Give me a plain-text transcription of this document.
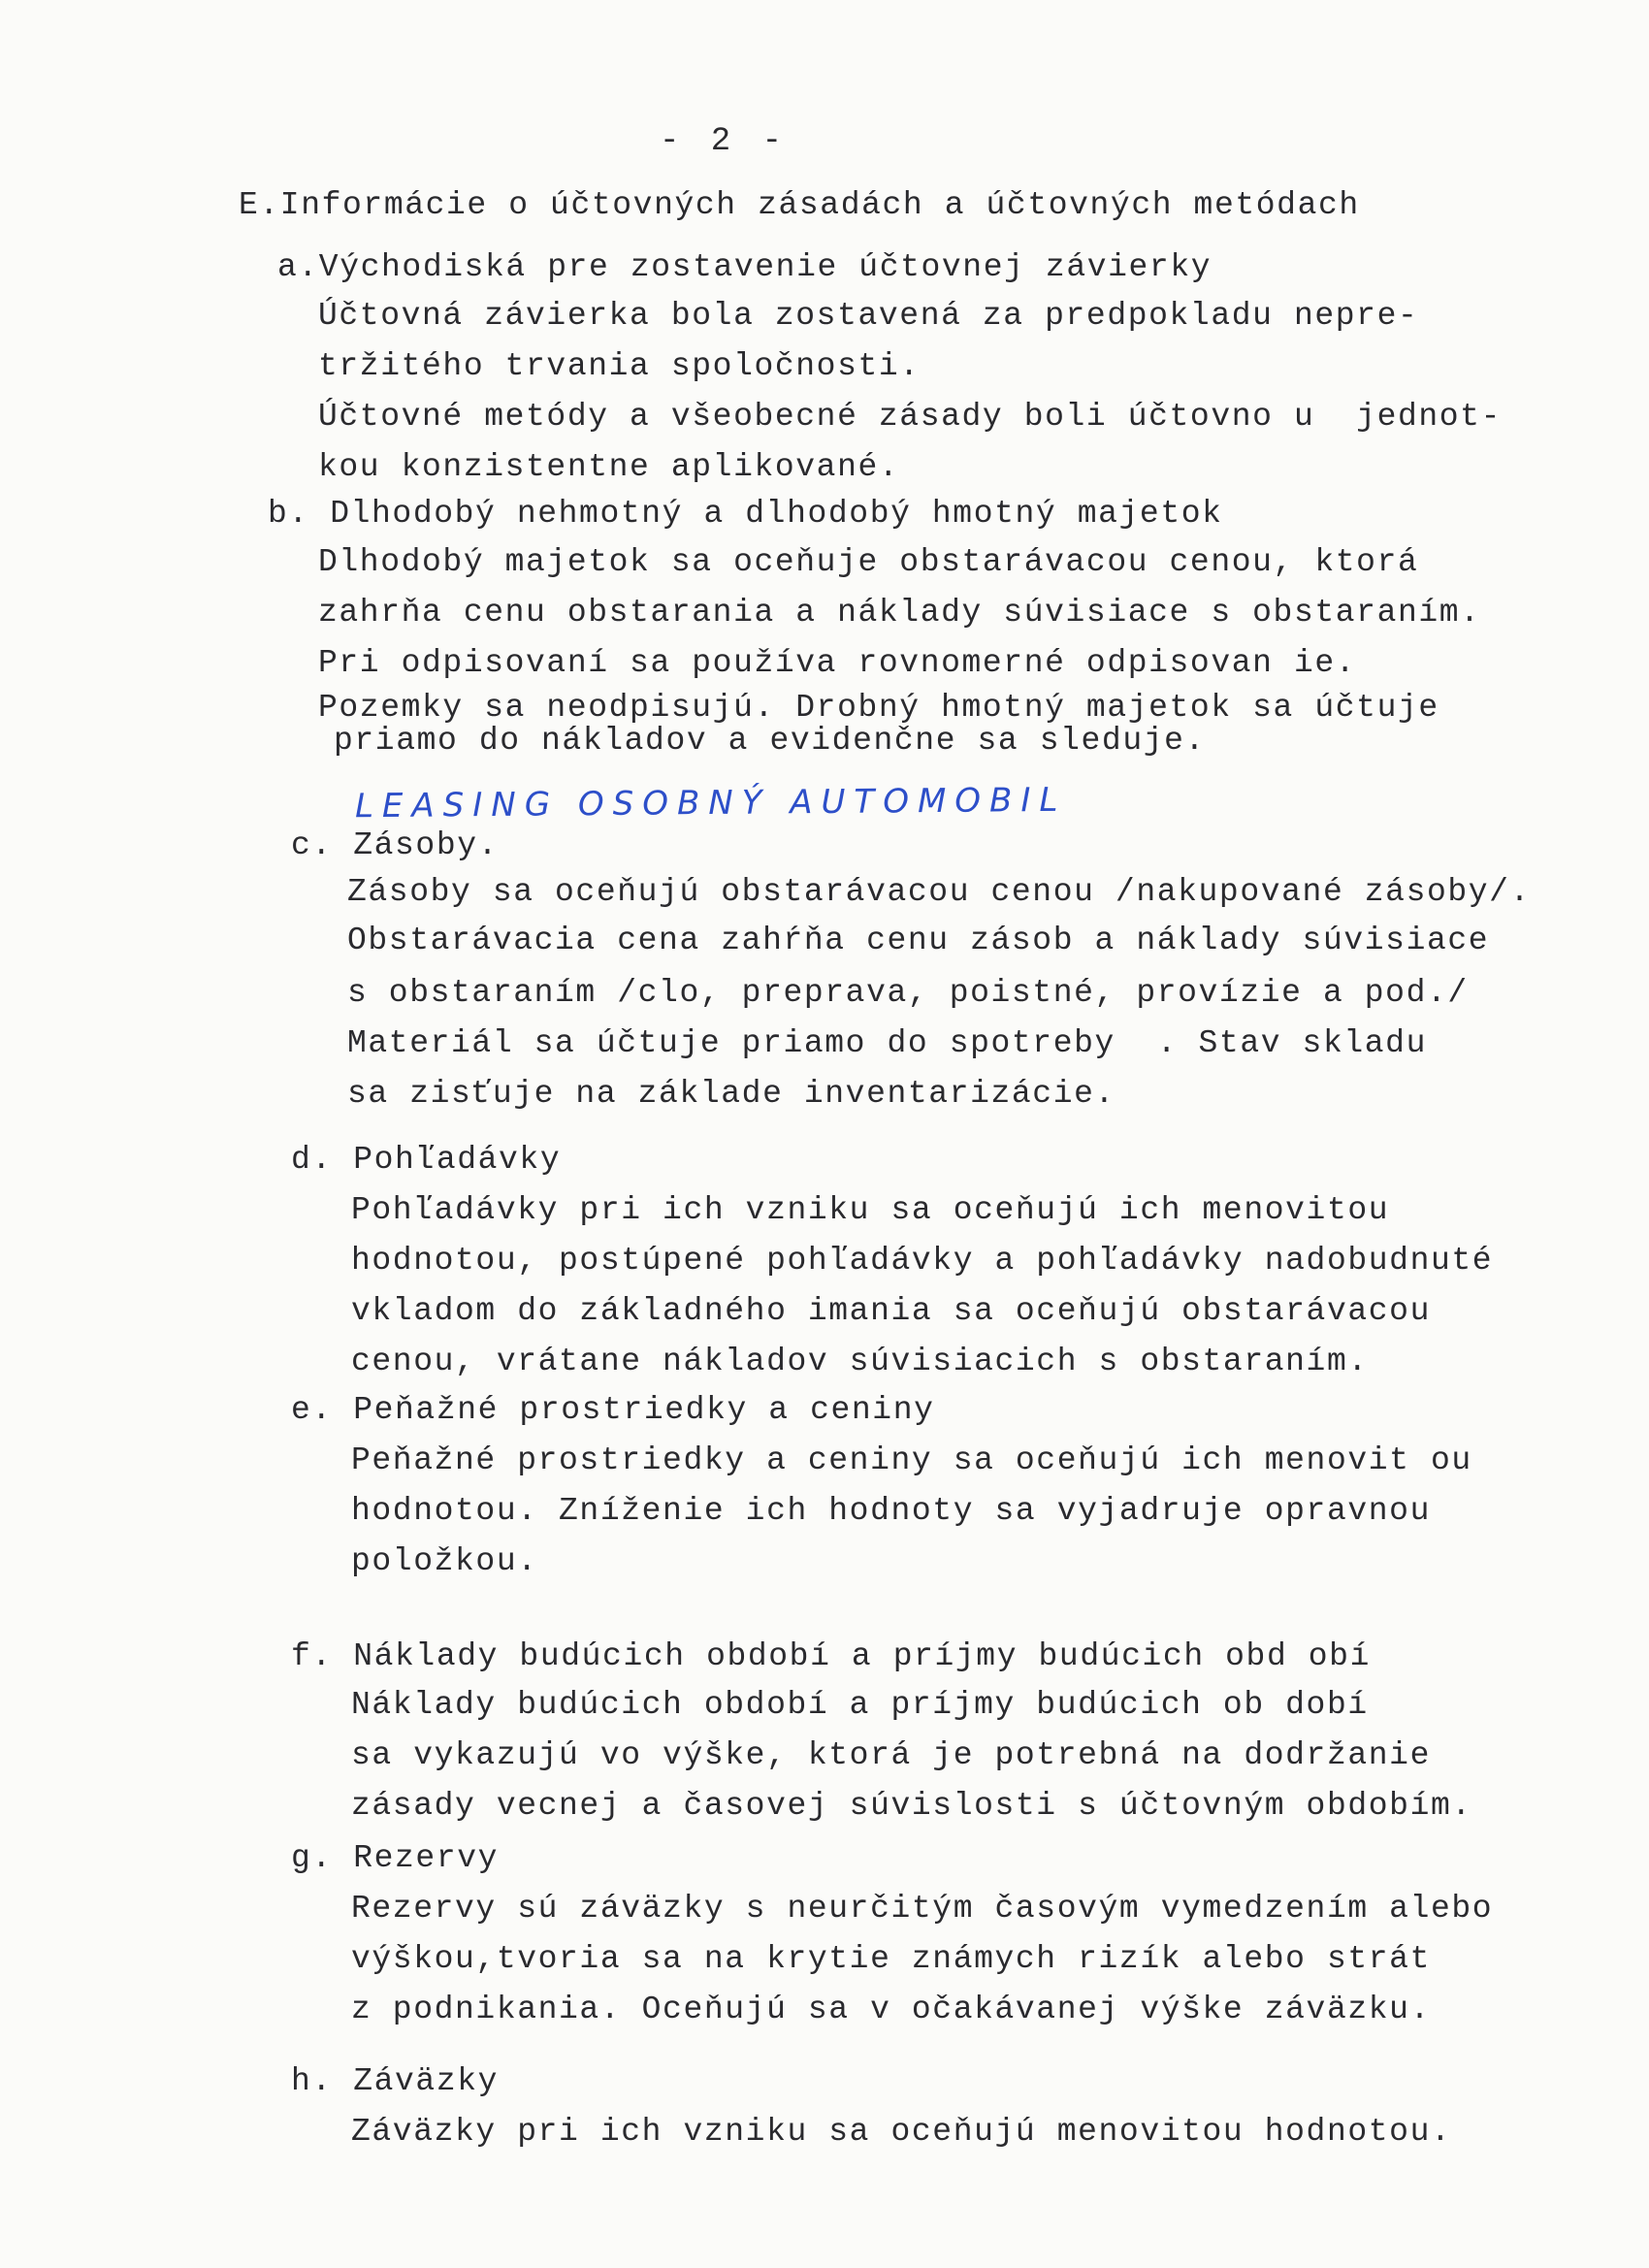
- 2 -
E.Informácie o účtovných zásadách a účtovných metódach
a.Východiská pre zostavenie účtovnej závierky
Účtovná závierka bola zostavená za predpokladu nepre-
tržitého trvania spoločnosti.
Účtovné metódy a všeobecné zásady boli účtovno u  jednot-
kou konzistentne aplikované.
b. Dlhodobý nehmotný a dlhodobý hmotný majetok
Dlhodobý majetok sa oceňuje obstarávacou cenou, ktorá
zahrňa cenu obstarania a náklady súvisiace s obstaraním.
Pri odpisovaní sa používa rovnomerné odpisovan ie.
Pozemky sa neodpisujú. Drobný hmotný majetok sa účtuje
priamo do nákladov a evidenčne sa sleduje.
LEASING OSOBNÝ AUTOMOBIL
c. Zásoby.
Zásoby sa oceňujú obstarávacou cenou /nakupované zásoby/.
Obstarávacia cena zahŕňa cenu zásob a náklady súvisiace
s obstaraním /clo, preprava, poistné, provízie a pod./
Materiál sa účtuje priamo do spotreby  . Stav skladu
sa zisťuje na základe inventarizácie.
d. Pohľadávky
Pohľadávky pri ich vzniku sa oceňujú ich menovitou
hodnotou, postúpené pohľadávky a pohľadávky nadobudnuté
vkladom do základného imania sa oceňujú obstarávacou
cenou, vrátane nákladov súvisiacich s obstaraním.
e. Peňažné prostriedky a ceniny
Peňažné prostriedky a ceniny sa oceňujú ich menovit ou
hodnotou. Zníženie ich hodnoty sa vyjadruje opravnou
položkou.
f. Náklady budúcich období a príjmy budúcich obd obí
Náklady budúcich období a príjmy budúcich ob dobí
sa vykazujú vo výške, ktorá je potrebná na dodržanie
zásady vecnej a časovej súvislosti s účtovným obdobím.
g. Rezervy
Rezervy sú záväzky s neurčitým časovým vymedzením alebo
výškou,tvoria sa na krytie známych rizík alebo strát
z podnikania. Oceňujú sa v očakávanej výške záväzku.
h. Záväzky
Záväzky pri ich vzniku sa oceňujú menovitou hodnotou.
